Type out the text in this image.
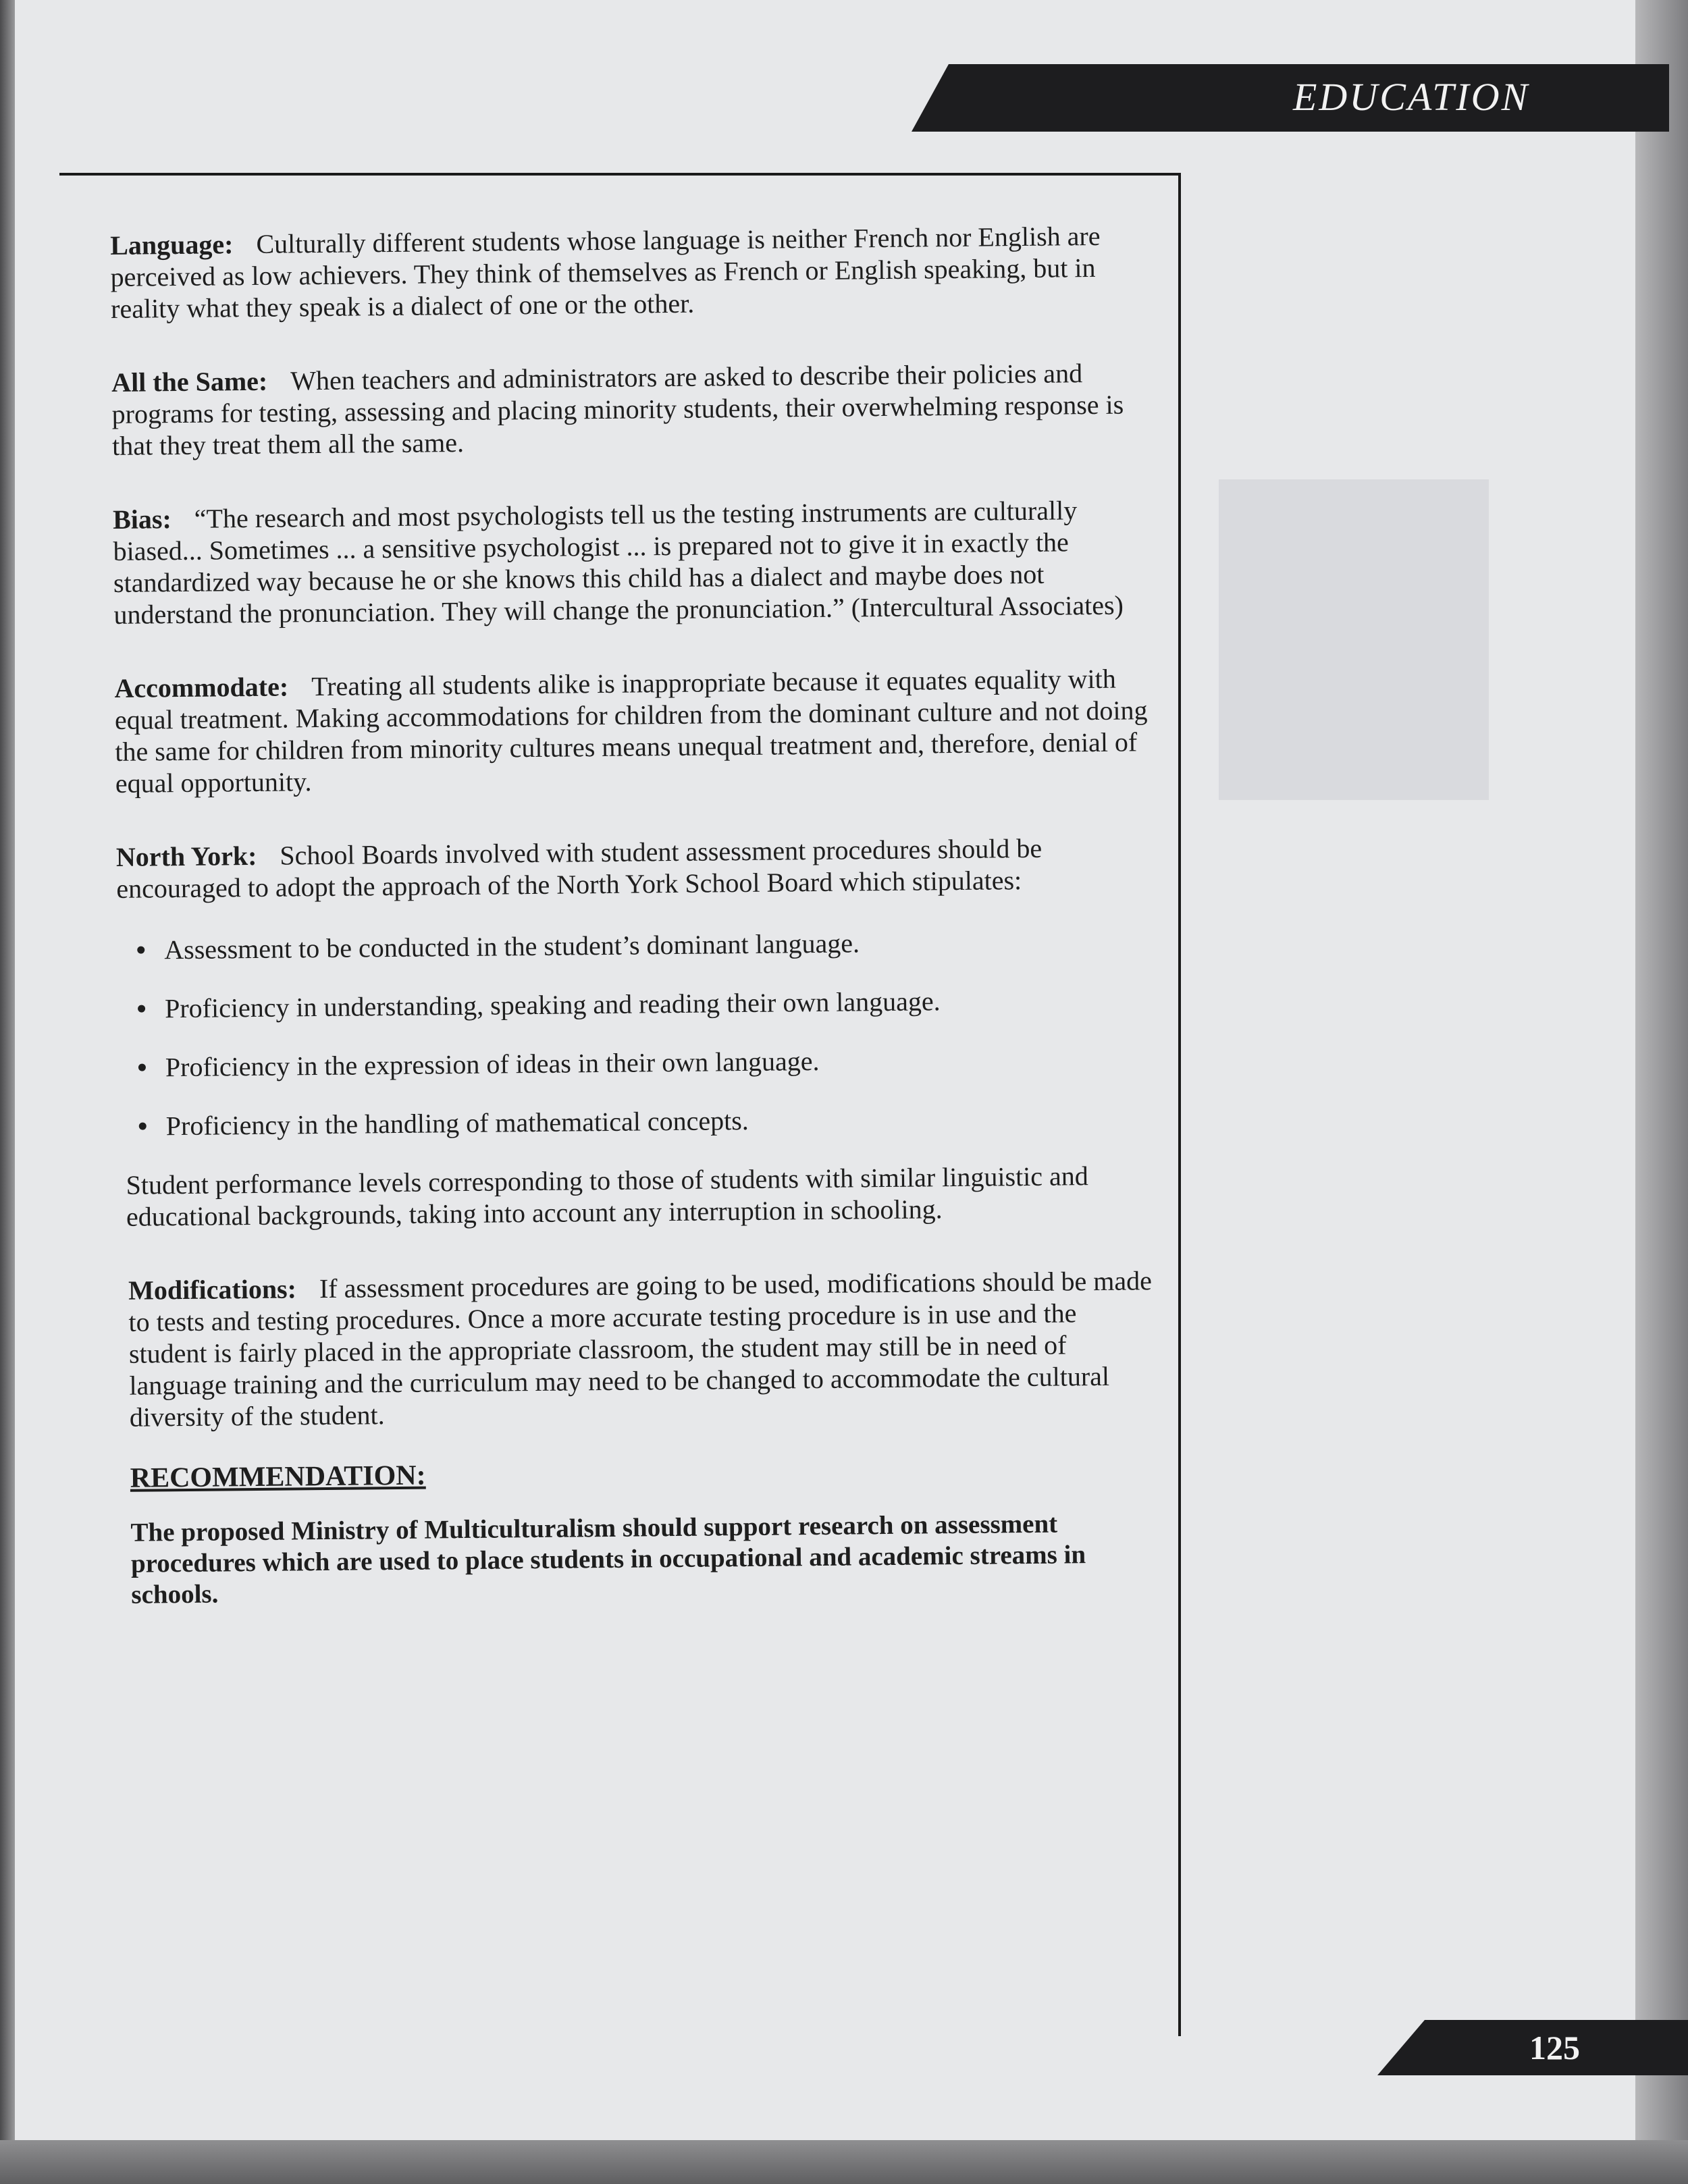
EDUCATION

Language: Culturally different students whose language is neither French nor English are perceived as low achievers. They think of themselves as French or English speaking, but in reality what they speak is a dialect of one or the other.

All the Same: When teachers and administrators are asked to describe their policies and programs for testing, assessing and placing minority students, their overwhelming response is that they treat them all the same.

Bias: “The research and most psychologists tell us the testing instruments are culturally biased... Sometimes ... a sensitive psychologist ... is prepared not to give it in exactly the standardized way because he or she knows this child has a dialect and maybe does not understand the pronunciation. They will change the pronunciation.” (Intercultural Associates)

Accommodate: Treating all students alike is inappropriate because it equates equality with equal treatment. Making accommodations for children from the dominant culture and not doing the same for children from minority cultures means unequal treatment and, therefore, denial of equal opportunity.

North York: School Boards involved with student assessment procedures should be encouraged to adopt the approach of the North York School Board which stipulates:

Assessment to be conducted in the student’s dominant language.
Proficiency in understanding, speaking and reading their own language.
Proficiency in the expression of ideas in their own language.
Proficiency in the handling of mathematical concepts.

Student performance levels corresponding to those of students with similar linguistic and educational backgrounds, taking into account any interruption in schooling.

Modifications: If assessment procedures are going to be used, modifications should be made to tests and testing procedures. Once a more accurate testing procedure is in use and the student is fairly placed in the appropriate classroom, the student may still be in need of language training and the curriculum may need to be changed to accommodate the cultural diversity of the student.

RECOMMENDATION:
The proposed Ministry of Multiculturalism should support research on assessment procedures which are used to place students in occupational and academic streams in schools.
125
